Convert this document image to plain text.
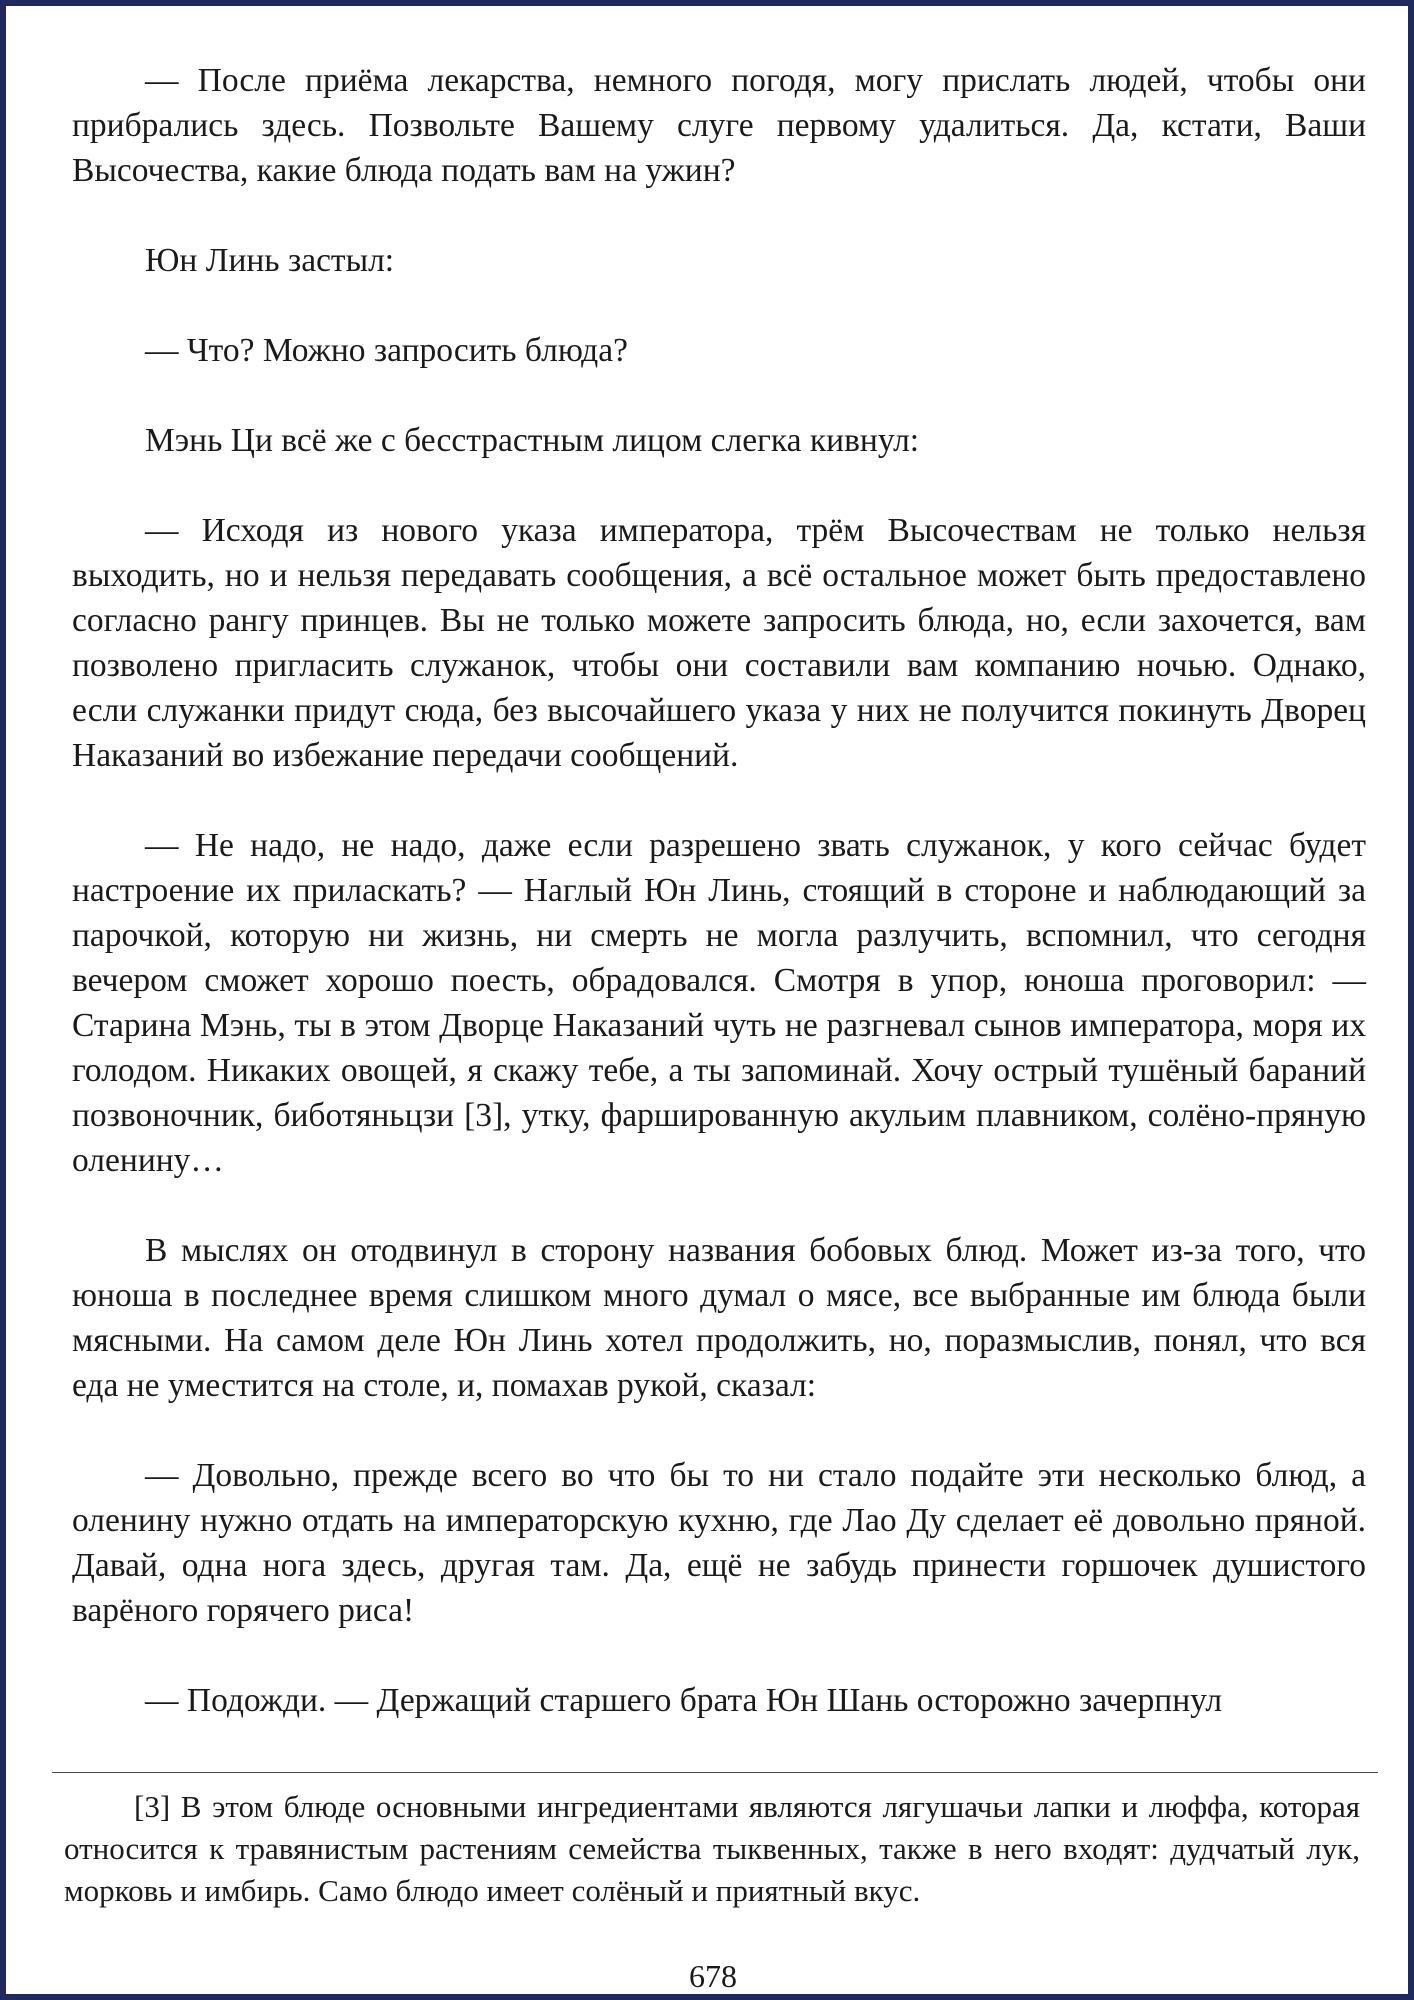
— После приёма лекарства, немного погодя, могу прислать людей, чтобы они прибрались здесь. Позвольте Вашему слуге первому удалиться. Да, кстати, Ваши Высочества, какие блюда подать вам на ужин?

Юн Линь застыл:

— Что? Можно запросить блюда?

Мэнь Ци всё же с бесстрастным лицом слегка кивнул:

— Исходя из нового указа императора, трём Высочествам не только нельзя выходить, но и нельзя передавать сообщения, а всё остальное может быть предоставлено согласно рангу принцев. Вы не только можете запросить блюда, но, если захочется, вам позволено пригласить служанок, чтобы они составили вам компанию ночью. Однако, если служанки придут сюда, без высочайшего указа у них не получится покинуть Дворец Наказаний во избежание передачи сообщений.

— Не надо, не надо, даже если разрешено звать служанок, у кого сейчас будет настроение их приласкать? — Наглый Юн Линь, стоящий в стороне и наблюдающий за парочкой, которую ни жизнь, ни смерть не могла разлучить, вспомнил, что сегодня вечером сможет хорошо поесть, обрадовался. Смотря в упор, юноша проговорил: — Старина Мэнь, ты в этом Дворце Наказаний чуть не разгневал сынов императора, моря их голодом. Никаких овощей, я скажу тебе, а ты запоминай. Хочу острый тушёный бараний позвоночник, биботяньцзи [3], утку, фаршированную акульим плавником, солёно-пряную оленину…

В мыслях он отодвинул в сторону названия бобовых блюд. Может из-за того, что юноша в последнее время слишком много думал о мясе, все выбранные им блюда были мясными. На самом деле Юн Линь хотел продолжить, но, поразмыслив, понял, что вся еда не уместится на столе, и, помахав рукой, сказал:

— Довольно, прежде всего во что бы то ни стало подайте эти несколько блюд, а оленину нужно отдать на императорскую кухню, где Лао Ду сделает её довольно пряной. Давай, одна нога здесь, другая там. Да, ещё не забудь принести горшочек душистого варёного горячего риса!

— Подожди. — Держащий старшего брата Юн Шань осторожно зачерпнул

[3] В этом блюде основными ингредиентами являются лягушачьи лапки и люффа, которая относится к травянистым растениям семейства тыквенных, также в него входят: дудчатый лук, морковь и имбирь. Само блюдо имеет солёный и приятный вкус.

678
